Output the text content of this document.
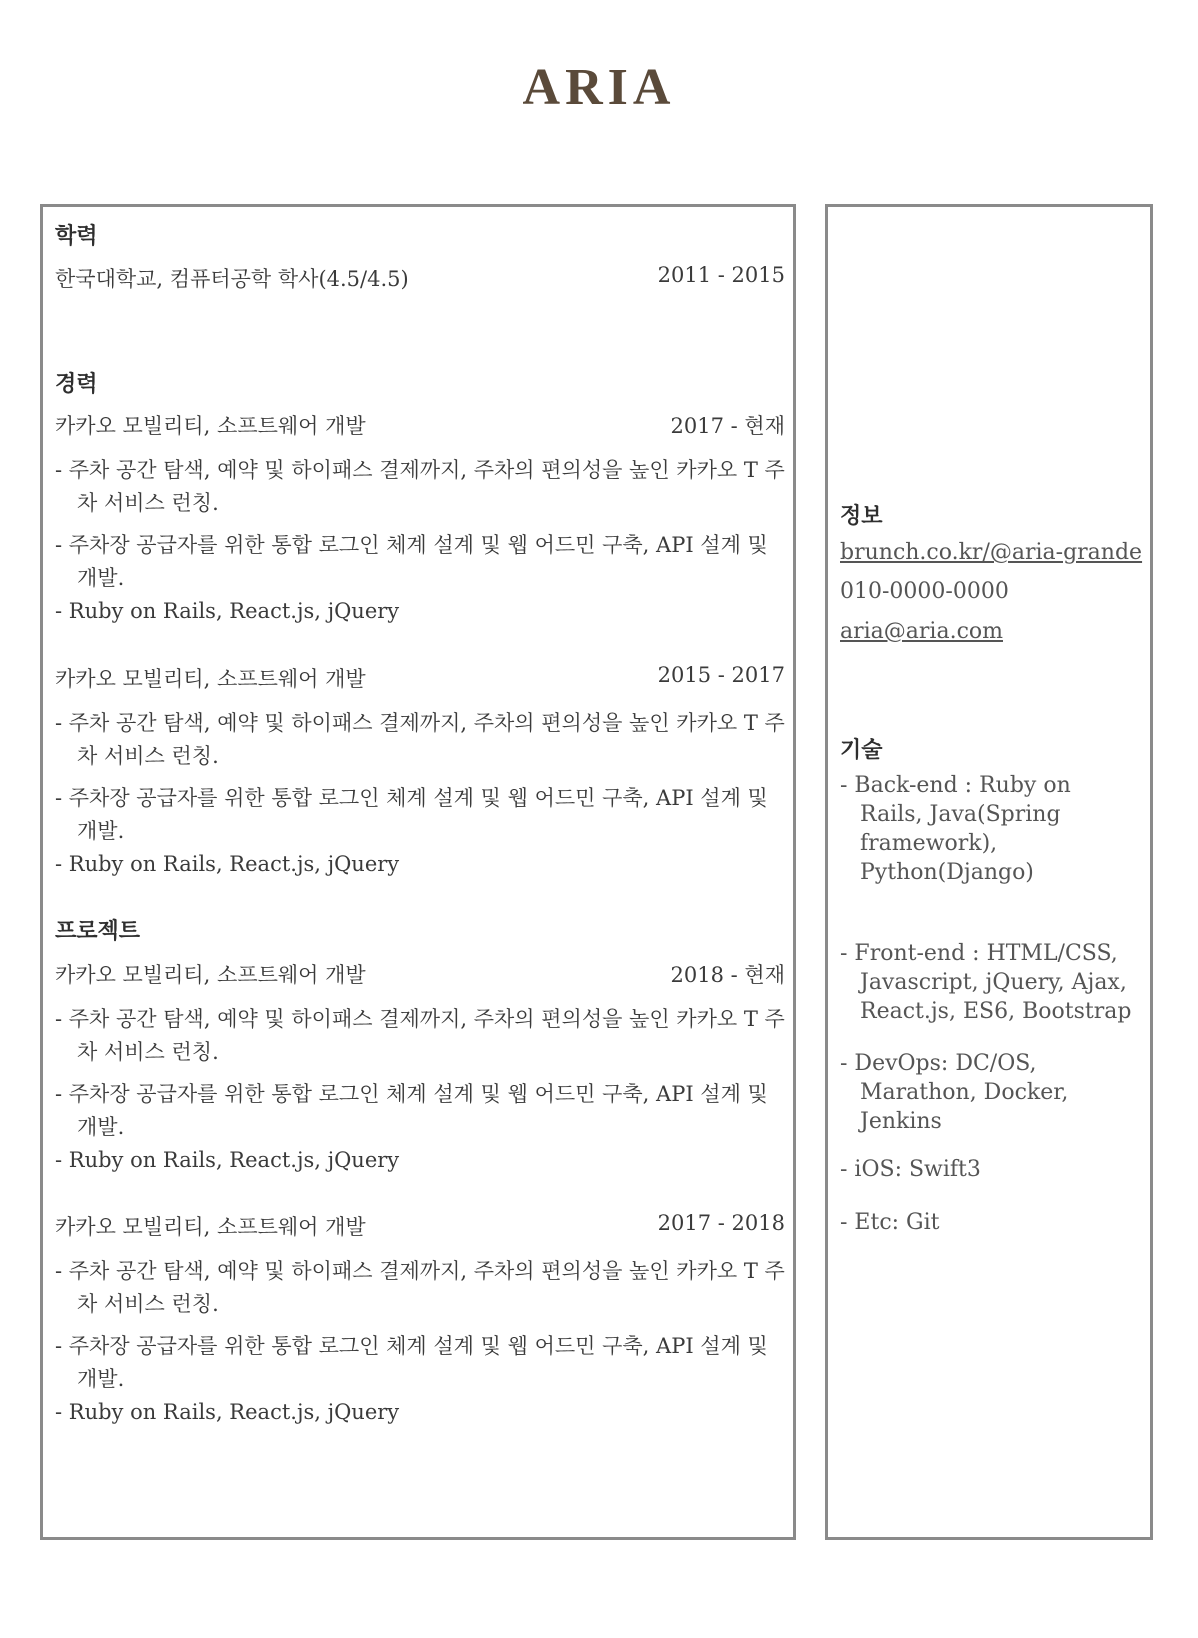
ARIA
학력
한국대학교, 컴퓨터공학 학사(4.5/4.5)	2011 - 2015
경력
카카오 모빌리티, 소프트웨어 개발	2017 - 현재
- 주차 공간 탐색, 예약 및 하이패스 결제까지, 주차의 편의성을 높인 카카오 T 주차 서비스 런칭.
- 주차장 공급자를 위한 통합 로그인 체계 설계 및 웹 어드민 구축, API 설계 및 개발.
- Ruby on Rails, React.js, jQuery
카카오 모빌리티, 소프트웨어 개발	2015 - 2017
- 주차 공간 탐색, 예약 및 하이패스 결제까지, 주차의 편의성을 높인 카카오 T 주차 서비스 런칭.
- 주차장 공급자를 위한 통합 로그인 체계 설계 및 웹 어드민 구축, API 설계 및 개발.
- Ruby on Rails, React.js, jQuery
프로젝트
카카오 모빌리티, 소프트웨어 개발	2018 - 현재
- 주차 공간 탐색, 예약 및 하이패스 결제까지, 주차의 편의성을 높인 카카오 T 주차 서비스 런칭.
- 주차장 공급자를 위한 통합 로그인 체계 설계 및 웹 어드민 구축, API 설계 및 개발.
- Ruby on Rails, React.js, jQuery
카카오 모빌리티, 소프트웨어 개발	2017 - 2018
- 주차 공간 탐색, 예약 및 하이패스 결제까지, 주차의 편의성을 높인 카카오 T 주차 서비스 런칭.
- 주차장 공급자를 위한 통합 로그인 체계 설계 및 웹 어드민 구축, API 설계 및 개발.
- Ruby on Rails, React.js, jQuery
정보
brunch.co.kr/@aria-grande
010-0000-0000
aria@aria.com
기술
- Back-end : Ruby on Rails, Java(Spring framework), Python(Django)
- Front-end : HTML/CSS, Javascript, jQuery, Ajax, React.js, ES6, Bootstrap
- DevOps: DC/OS, Marathon, Docker, Jenkins
- iOS: Swift3
- Etc: Git
